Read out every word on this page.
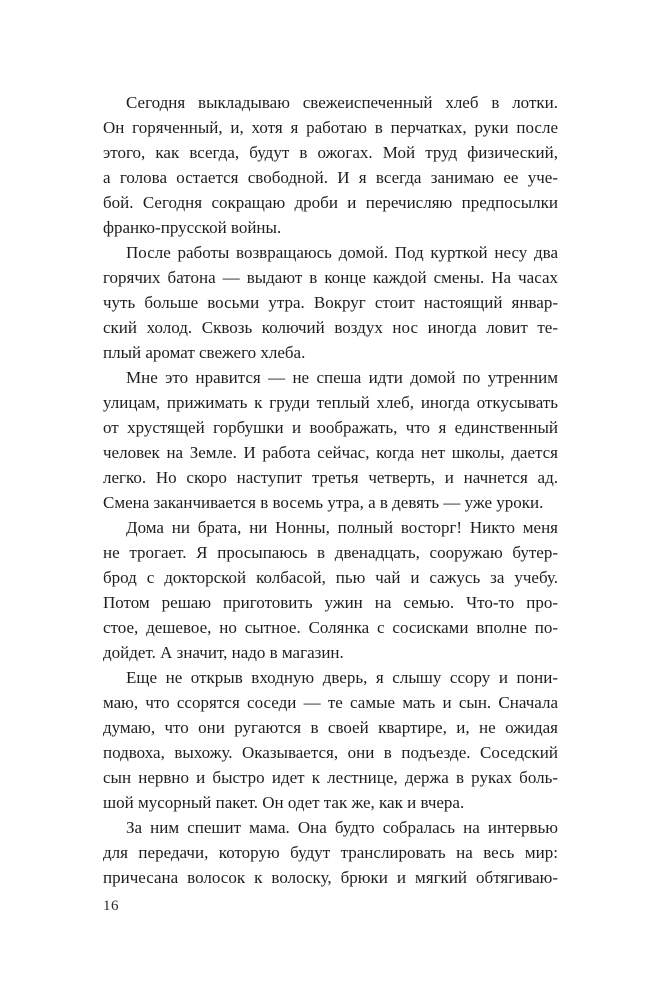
Сегодня выкладываю свежеиспеченный хлеб в лотки.
Он горяченный, и, хотя я работаю в перчатках, руки после
этого, как всегда, будут в ожогах. Мой труд физический,
а голова остается свободной. И я всегда занимаю ее уче-
бой. Сегодня сокращаю дроби и перечисляю предпосылки
франко-прусской войны.
После работы возвращаюсь домой. Под курткой несу два
горячих батона — выдают в конце каждой смены. На часах
чуть больше восьми утра. Вокруг стоит настоящий январ-
ский холод. Сквозь колючий воздух нос иногда ловит те-
плый аромат свежего хлеба.
Мне это нравится — не спеша идти домой по утренним
улицам, прижимать к груди теплый хлеб, иногда откусывать
от хрустящей горбушки и воображать, что я единственный
человек на Земле. И работа сейчас, когда нет школы, дается
легко. Но скоро наступит третья четверть, и начнется ад.
Смена заканчивается в восемь утра, а в девять — уже уроки.
Дома ни брата, ни Нонны, полный восторг! Никто меня
не трогает. Я просыпаюсь в двенадцать, сооружаю бутер-
брод с докторской колбасой, пью чай и сажусь за учебу.
Потом решаю приготовить ужин на семью. Что-то про-
стое, дешевое, но сытное. Солянка с сосисками вполне по-
дойдет. А значит, надо в магазин.
Еще не открыв входную дверь, я слышу ссору и пони-
маю, что ссорятся соседи — те самые мать и сын. Сначала
думаю, что они ругаются в своей квартире, и, не ожидая
подвоха, выхожу. Оказывается, они в подъезде. Соседский
сын нервно и быстро идет к лестнице, держа в руках боль-
шой мусорный пакет. Он одет так же, как и вчера.
За ним спешит мама. Она будто собралась на интервью
для передачи, которую будут транслировать на весь мир:
причесана волосок к волоску, брюки и мягкий обтягиваю-
16
